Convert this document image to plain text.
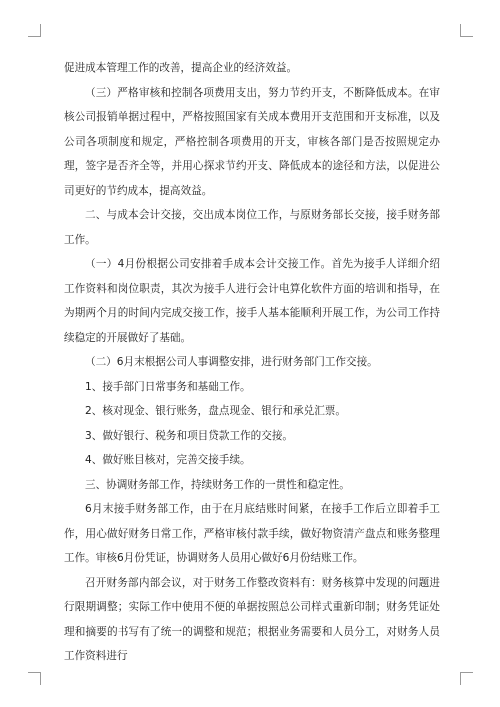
促进成本管理工作的改善，提高企业的经济效益。

（三）严格审核和控制各项费用支出，努力节约开支，不断降低成本。在审核公司报销单据过程中，严格按照国家有关成本费用开支范围和开支标准，以及公司各项制度和规定，严格控制各项费用的开支，审核各部门是否按照规定办理，签字是否齐全等，并用心探求节约开支、降低成本的途径和方法，以促进公司更好的节约成本，提高效益。

二、与成本会计交接，交出成本岗位工作，与原财务部长交接，接手财务部工作。

（一）4月份根据公司安排着手成本会计交接工作。首先为接手人详细介绍工作资料和岗位职责，其次为接手人进行会计电算化软件方面的培训和指导，在为期两个月的时间内完成交接工作，接手人基本能顺利开展工作，为公司工作持续稳定的开展做好了基础。

（二）6月末根据公司人事调整安排，进行财务部门工作交接。

1、接手部门日常事务和基础工作。

2、核对现金、银行账务，盘点现金、银行和承兑汇票。

3、做好银行、税务和项目贷款工作的交接。

4、做好账目核对，完善交接手续。

三、协调财务部工作，持续财务工作的一贯性和稳定性。

6月末接手财务部工作，由于在月底结账时间紧，在接手工作后立即着手工作，用心做好财务日常工作，严格审核付款手续，做好物资清产盘点和账务整理工作。审核6月份凭证，协调财务人员用心做好6月份结账工作。

召开财务部内部会议，对于财务工作整改资料有：财务核算中发现的问题进行限期调整；实际工作中使用不便的单据按照总公司样式重新印制；财务凭证处理和摘要的书写有了统一的调整和规范；根据业务需要和人员分工，对财务人员工作资料进行
